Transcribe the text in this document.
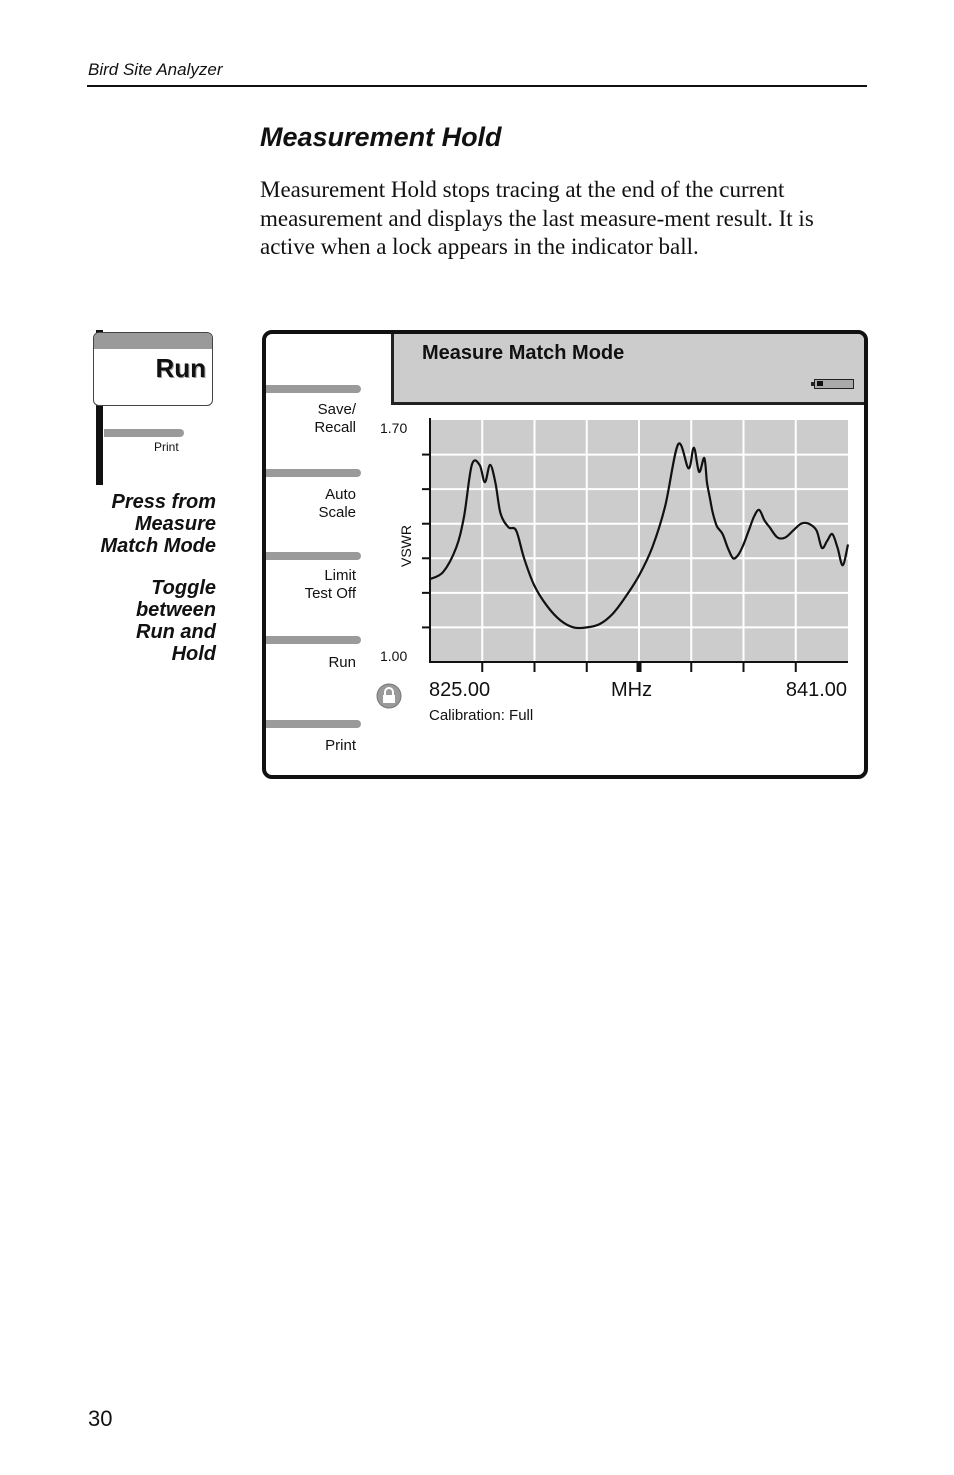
Bird Site Analyzer
Measurement Hold
Measurement Hold stops tracing at the end of the current measurement and displays the last measure-ment result. It is active when a lock appears in the indicator ball.
Run
Print
Press from
Measure
Match Mode
Toggle
between
Run and
Hold
Measure Match Mode
Save/
Recall
Auto
Scale
Limit
Test Off
Run
Print
1.70
1.00
VSWR
825.00	MHz	841.00
Calibration: Full
30
